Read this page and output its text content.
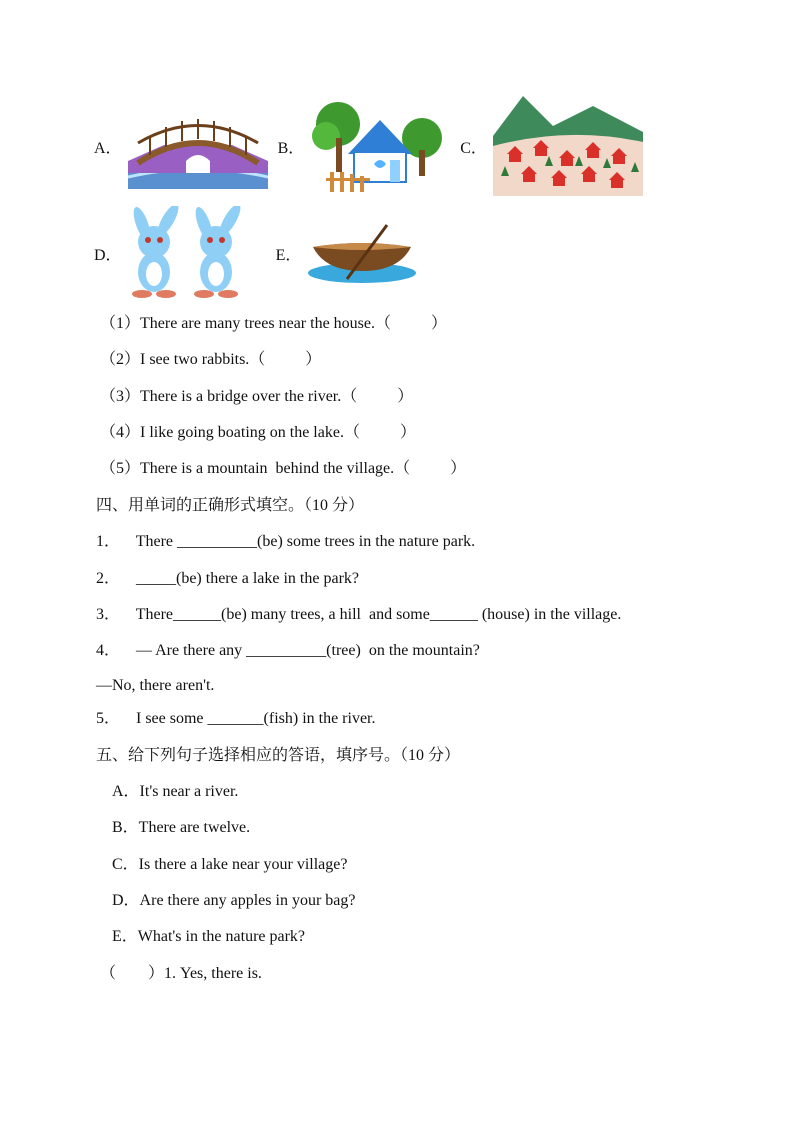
A．	B．	C．
D．	E．
（1）There are many trees near the house.（          ）
（2）I see two rabbits.（          ）
（3）There is a bridge over the river.（          ）
（4）I like going boating on the lake.（          ）
（5）There is a mountain  behind the village.（          ）
四、用单词的正确形式填空。（10 分）
1．    There __________(be) some trees in the nature park.
2．    _____(be) there a lake in the park?
3．    There______(be) many trees, a hill  and some______ (house) in the village.
4．    — Are there any __________(tree)  on the mountain?
—No, there aren't.
5．    I see some _______(fish) in the river.
五、给下列句子选择相应的答语，填序号。（10 分）
A．It's near a river.
B．There are twelve.
C．Is there a lake near your village?
D．Are there any apples in your bag?
E．What's in the nature park?
（        ）1. Yes, there is.
